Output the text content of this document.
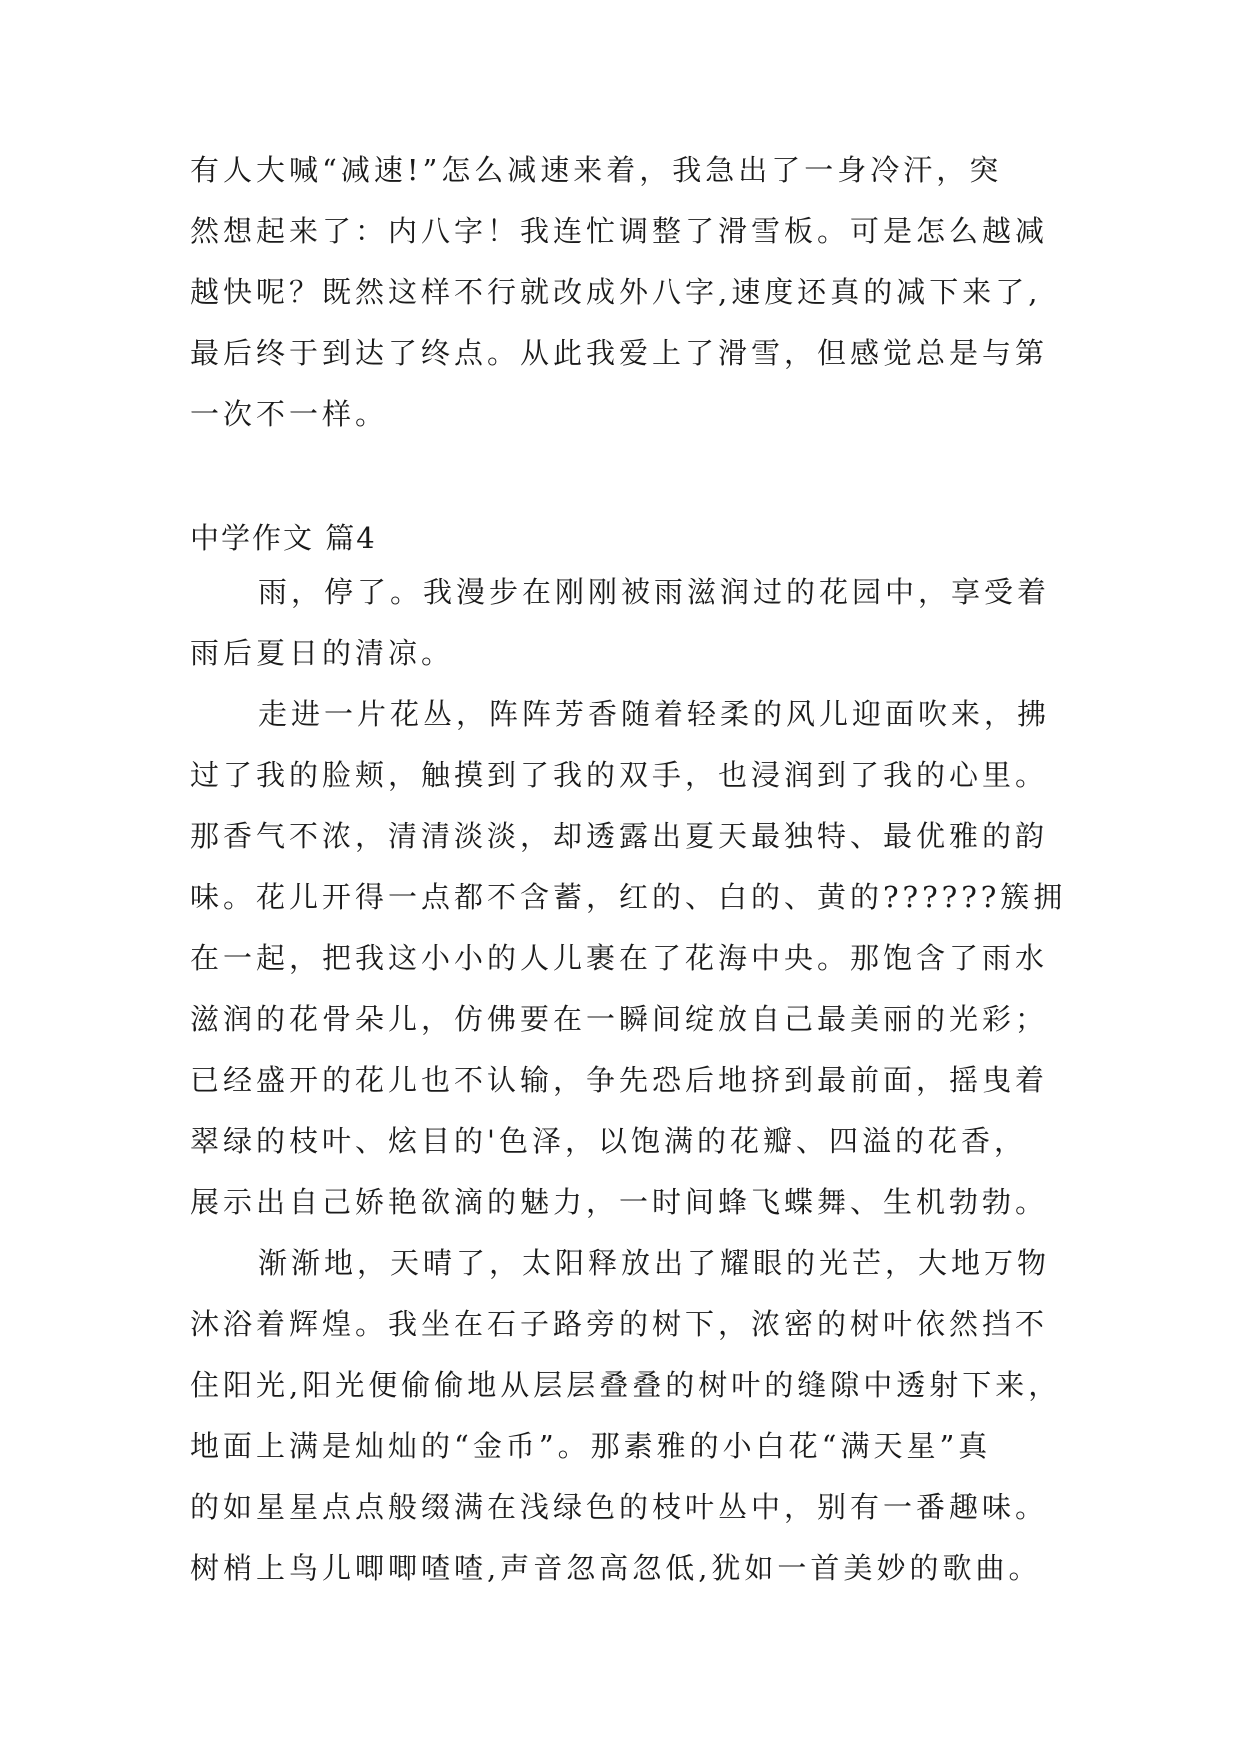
有人大喊“减速!”怎么减速来着，我急出了一身冷汗，突
然想起来了：内八字！我连忙调整了滑雪板。可是怎么越减
越快呢？既然这样不行就改成外八字,速度还真的减下来了,
最后终于到达了终点。从此我爱上了滑雪，但感觉总是与第
一次不一样。
中学作文 篇4
雨，停了。我漫步在刚刚被雨滋润过的花园中，享受着
雨后夏日的清凉。
走进一片花丛，阵阵芳香随着轻柔的风儿迎面吹来，拂
过了我的脸颊，触摸到了我的双手，也浸润到了我的心里。
那香气不浓，清清淡淡，却透露出夏天最独特、最优雅的韵
味。花儿开得一点都不含蓄，红的、白的、黄的??????簇拥
在一起，把我这小小的人儿裹在了花海中央。那饱含了雨水
滋润的花骨朵儿，仿佛要在一瞬间绽放自己最美丽的光彩；
已经盛开的花儿也不认输，争先恐后地挤到最前面，摇曳着
翠绿的枝叶、炫目的'色泽，以饱满的花瓣、四溢的花香，
展示出自己娇艳欲滴的魅力，一时间蜂飞蝶舞、生机勃勃。
渐渐地，天晴了，太阳释放出了耀眼的光芒，大地万物
沐浴着辉煌。我坐在石子路旁的树下，浓密的树叶依然挡不
住阳光,阳光便偷偷地从层层叠叠的树叶的缝隙中透射下来，
地面上满是灿灿的“金币”。那素雅的小白花“满天星”真
的如星星点点般缀满在浅绿色的枝叶丛中，别有一番趣味。
树梢上鸟儿唧唧喳喳,声音忽高忽低,犹如一首美妙的歌曲。
